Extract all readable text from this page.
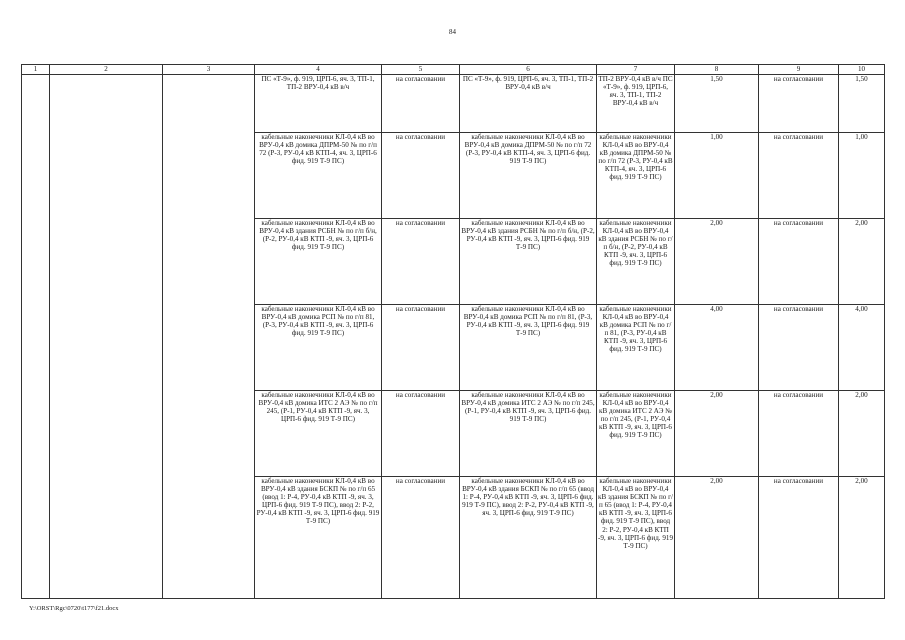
84
1	2	3	4	5	6	7	8	9	10
			ПС «Т-9», ф. 919, ЦРП-6, яч. 3, ТП-1, ТП-2 ВРУ-0,4 кВ в/ч	на согласовании	ПС «Т-9», ф. 919, ЦРП-6, яч. 3, ТП-1, ТП-2 ВРУ-0,4 кВ в/ч	ТП-2 ВРУ-0,4 кВ в/ч ПС «Т-9», ф. 919, ЦРП-6, яч. 3, ТП-1, ТП-2 ВРУ-0,4 кВ в/ч	1,50	на согласовании	1,50
			кабельные наконечники КЛ-0,4 кВ во ВРУ-0,4 кВ домика ДПРМ-50 № по г/п 72 (Р-3, РУ-0,4 кВ КТП-4, яч. 3, ЦРП-6 фид. 919 Т-9 ПС)	на согласовании	кабельные наконечники КЛ-0,4 кВ во ВРУ-0,4 кВ домика ДПРМ-50 № по г/п 72 (Р-3, РУ-0,4 кВ КТП-4, яч. 3, ЦРП-6 фид. 919 Т-9 ПС)	кабельные наконечники КЛ-0,4 кВ во ВРУ-0,4 кВ домика ДПРМ-50 № по г/п 72 (Р-3, РУ-0,4 кВ КТП-4, яч. 3, ЦРП-6 фид. 919 Т-9 ПС)	1,00	на согласовании	1,00
			кабельные наконечники КЛ-0,4 кВ во ВРУ-0,4 кВ здания РСБН № по г/п б/н, (Р-2, РУ-0,4 кВ КТП -9, яч. 3, ЦРП-6 фид. 919 Т-9 ПС)	на согласовании	кабельные наконечники КЛ-0,4 кВ во ВРУ-0,4 кВ здания РСБН № по г/п б/н, (Р-2, РУ-0,4 кВ КТП -9, яч. 3, ЦРП-6 фид. 919 Т-9 ПС)	кабельные наконечники КЛ-0,4 кВ во ВРУ-0,4 кВ здания РСБН № по г/п б/н, (Р-2, РУ-0,4 кВ КТП -9, яч. 3, ЦРП-6 фид. 919 Т-9 ПС)	2,00	на согласовании	2,00
			кабельные наконечники КЛ-0,4 кВ во ВРУ-0,4 кВ домика РСП № по г/п 81, (Р-3, РУ-0,4 кВ КТП -9, яч. 3, ЦРП-6 фид. 919 Т-9 ПС)	на согласовании	кабельные наконечники КЛ-0,4 кВ во ВРУ-0,4 кВ домика РСП № по г/п 81, (Р-3, РУ-0,4 кВ КТП -9, яч. 3, ЦРП-6 фид. 919 Т-9 ПС)	кабельные наконечники КЛ-0,4 кВ во ВРУ-0,4 кВ домика РСП № по г/п 81, (Р-3, РУ-0,4 кВ КТП -9, яч. 3, ЦРП-6 фид. 919 Т-9 ПС)	4,00	на согласовании	4,00
			кабельные наконечники КЛ-0,4 кВ во ВРУ-0,4 кВ домика ИТС 2 АЭ № по г/п 245, (Р-1, РУ-0,4 кВ КТП -9, яч. 3, ЦРП-6 фид. 919 Т-9 ПС)	на согласовании	кабельные наконечники КЛ-0,4 кВ во ВРУ-0,4 кВ домика ИТС 2 АЭ № по г/п 245, (Р-1, РУ-0,4 кВ КТП -9, яч. 3, ЦРП-6 фид. 919 Т-9 ПС)	кабельные наконечники КЛ-0,4 кВ во ВРУ-0,4 кВ домика ИТС 2 АЭ № по г/п 245, (Р-1, РУ-0,4 кВ КТП -9, яч. 3, ЦРП-6 фид. 919 Т-9 ПС)	2,00	на согласовании	2,00
			кабельные наконечники КЛ-0,4 кВ во ВРУ-0,4 кВ здания БСКП № по г/п 65 (ввод 1: Р-4, РУ-0,4 кВ КТП -9, яч. 3, ЦРП-6 фид. 919 Т-9 ПС), ввод 2: Р-2, РУ-0,4 кВ КТП -9, яч. 3, ЦРП-6 фид. 919 Т-9 ПС)	на согласовании	кабельные наконечники КЛ-0,4 кВ во ВРУ-0,4 кВ здания БСКП № по г/п 65 (ввод 1: Р-4, РУ-0,4 кВ КТП -9, яч. 3, ЦРП-6 фид. 919 Т-9 ПС), ввод 2: Р-2, РУ-0,4 кВ КТП -9, яч. 3, ЦРП-6 фид. 919 Т-9 ПС)	кабельные наконечники КЛ-0,4 кВ во ВРУ-0,4 кВ здания БСКП № по г/п 65 (ввод 1: Р-4, РУ-0,4 кВ КТП -9, яч. 3, ЦРП-6 фид. 919 Т-9 ПС), ввод 2: Р-2, РУ-0,4 кВ КТП -9, яч. 3, ЦРП-6 фид. 919 Т-9 ПС)	2,00	на согласовании	2,00
Y:\ORST\Rgc\0720\t177\f21.docx
